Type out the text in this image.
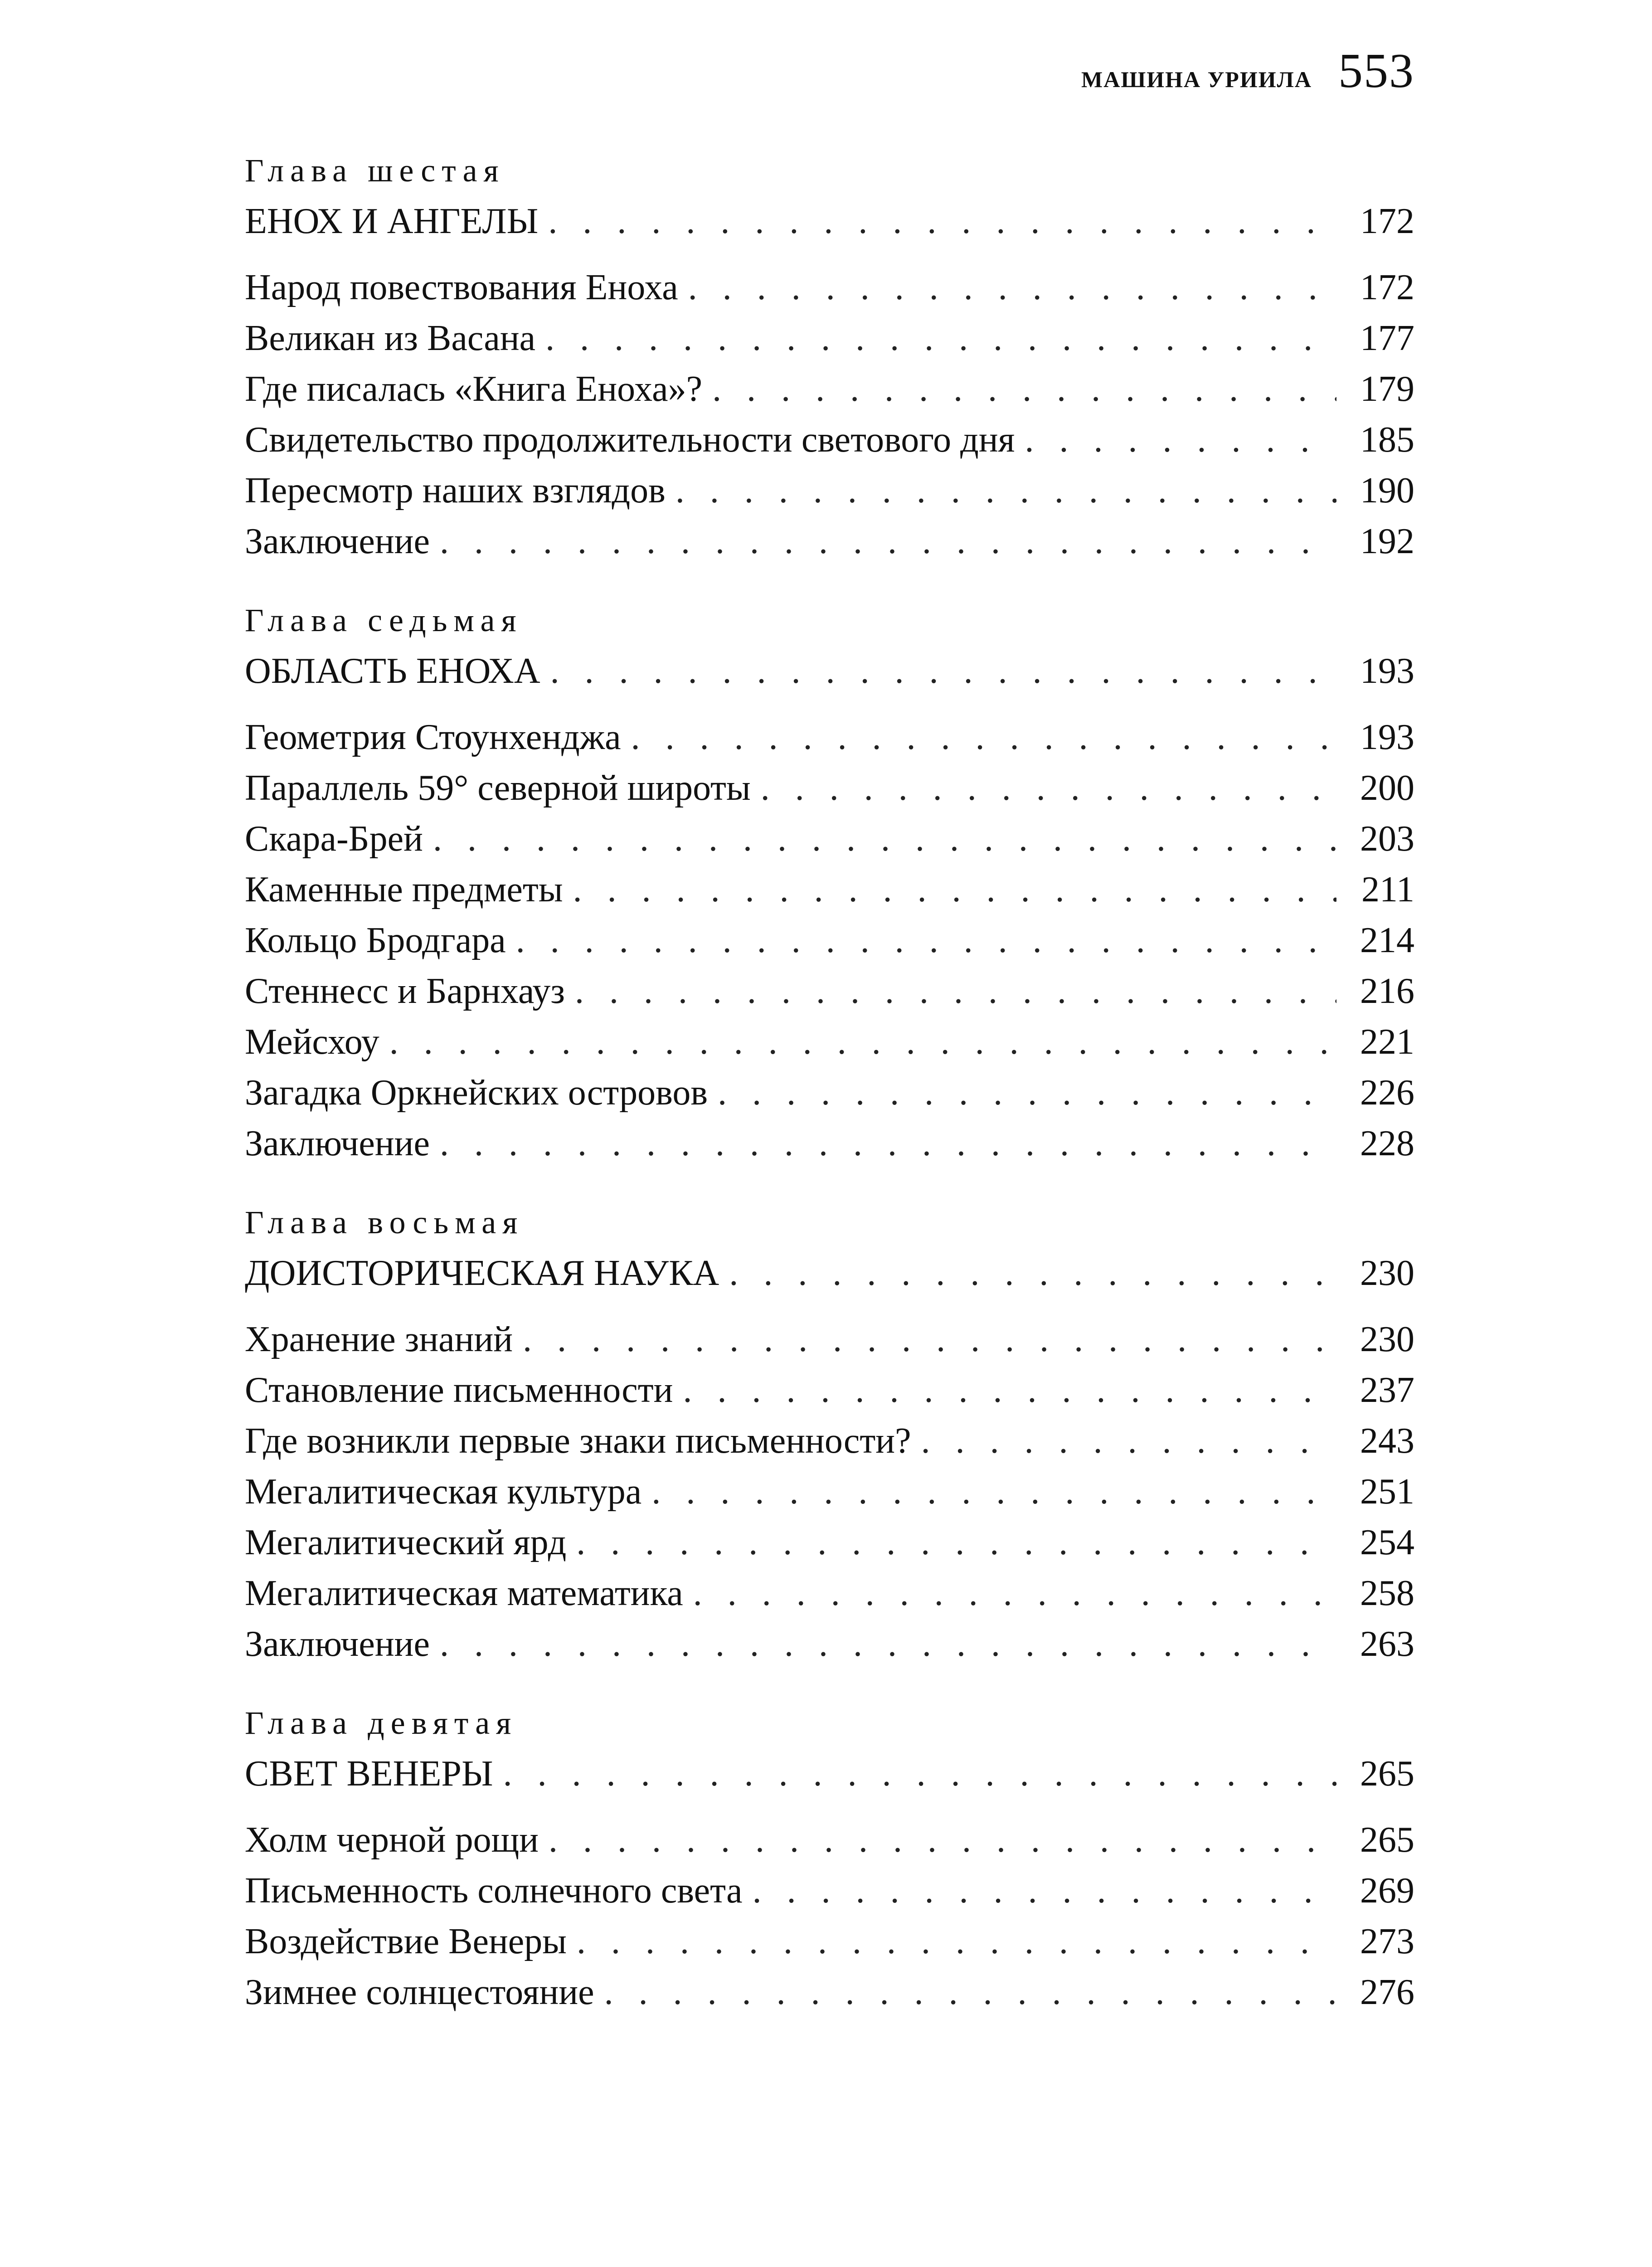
МАШИНА УРИИЛА 553
Глава шестая
ЕНОХ И АНГЕЛЫ . . .	172
Народ повествования Еноха . . .	172
Великан из Васана . . .	177
Где писалась «Книга Еноха»? . . .	179
Свидетельство продолжительности светового дня . . .	185
Пересмотр наших взглядов . . .	190
Заключение . . .	192
Глава седьмая
ОБЛАСТЬ ЕНОХА . . .	193
Геометрия Стоунхенджа . . .	193
Параллель 59° северной широты . . .	200
Скара-Брей . . .	203
Каменные предметы . . .	211
Кольцо Бродгара . . .	214
Стеннесс и Барнхауз . . .	216
Мейсхоу . . .	221
Загадка Оркнейских островов . . .	226
Заключение . . .	228
Глава восьмая
ДОИСТОРИЧЕСКАЯ НАУКА . . .	230
Хранение знаний . . .	230
Становление письменности . . .	237
Где возникли первые знаки письменности? . . .	243
Мегалитическая культура . . .	251
Мегалитический ярд . . .	254
Мегалитическая математика . . .	258
Заключение . . .	263
Глава девятая
СВЕТ ВЕНЕРЫ . . .	265
Холм черной рощи . . .	265
Письменность солнечного света . . .	269
Воздействие Венеры . . .	273
Зимнее солнцестояние . . .	276
